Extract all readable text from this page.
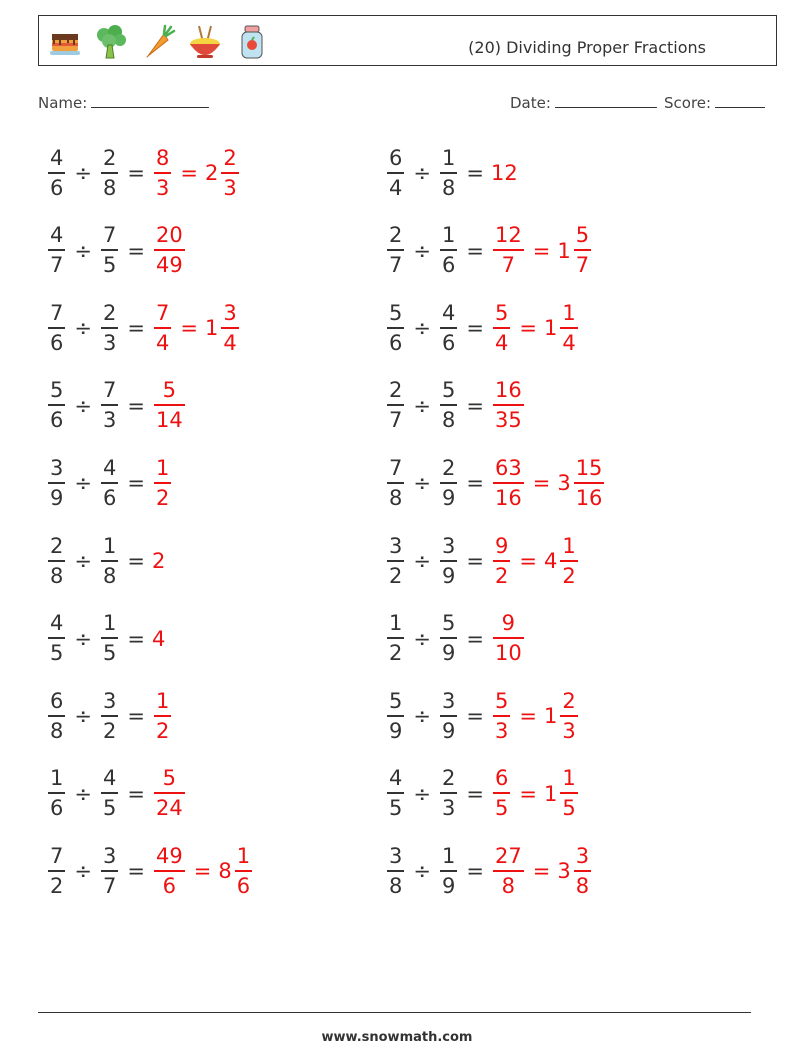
(20) Dividing Proper Fractions
Name:	Date:	Score:
$\frac{4}{6} \div \frac{2}{8} = \frac{8}{3} = 2 \frac{2}{3}$	$\frac{6}{4} \div \frac{1}{8} = 12$
$\frac{4}{7} \div \frac{7}{5} = \frac{20}{49}$	$\frac{2}{7} \div \frac{1}{6} = \frac{12}{7} = 1 \frac{5}{7}$
$\frac{7}{6} \div \frac{2}{3} = \frac{7}{4} = 1 \frac{3}{4}$	$\frac{5}{6} \div \frac{4}{6} = \frac{5}{4} = 1 \frac{1}{4}$
$\frac{5}{6} \div \frac{7}{3} = \frac{5}{14}$	$\frac{2}{7} \div \frac{5}{8} = \frac{16}{35}$
$\frac{3}{9} \div \frac{4}{6} = \frac{1}{2}$	$\frac{7}{8} \div \frac{2}{9} = \frac{63}{16} = 3 \frac{15}{16}$
$\frac{2}{8} \div \frac{1}{8} = 2$	$\frac{3}{2} \div \frac{3}{9} = \frac{9}{2} = 4 \frac{1}{2}$
$\frac{4}{5} \div \frac{1}{5} = 4$	$\frac{1}{2} \div \frac{5}{9} = \frac{9}{10}$
$\frac{6}{8} \div \frac{3}{2} = \frac{1}{2}$	$\frac{5}{9} \div \frac{3}{9} = \frac{5}{3} = 1 \frac{2}{3}$
$\frac{1}{6} \div \frac{4}{5} = \frac{5}{24}$	$\frac{4}{5} \div \frac{2}{3} = \frac{6}{5} = 1 \frac{1}{5}$
$\frac{7}{2} \div \frac{3}{7} = \frac{49}{6} = 8 \frac{1}{6}$	$\frac{3}{8} \div \frac{1}{9} = \frac{27}{8} = 3 \frac{3}{8}$
www.snowmath.com
